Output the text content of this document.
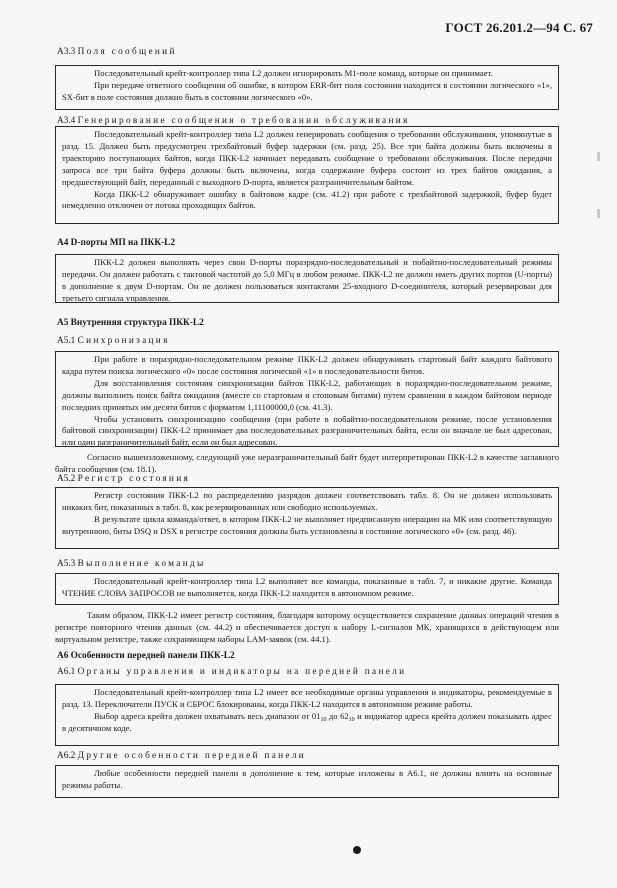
ГОСТ 26.201.2—94 С. 67
А3.3 Поля сообщений

Последовательный крейт-контроллер типа L2 должен игнорировать М1-поле команд, которые он принимает.

При передаче ответного сообщения об ошибке, в котором ERR-бит поля состояния находится в состоянии логического «1», SX-бит в поле состояния должно быть в состоянии логического «0».

А3.4 Генерирование сообщения о требовании обслуживания

Последовательный крейт-контроллер типа L2 должен генерировать сообщения о требовании обслуживания, упомянутые в разд. 15. Должен быть предусмотрен трехбайтовый буфер задержки (см. разд. 25). Все три байта должны быть включены в траекторию поступающих байтов, когда ПКК-L2 начинает передавать сообщение о требовании обслуживания. После передачи запроса все три байта буфера должны быть включены, когда содержание буфера состоит из трех байтов ожидания, а предшествующий байт, переданный с выходного D-порта, является разграничительным байтом.

Когда ПКК-L2 обнаруживает ошибку в байтовом кадре (см. 41.2) при работе с трехбайтовой задержкой, буфер будет немедленно отключен от потока проходящих байтов.

А4 D-порты МП на ПКК-L2

ПКК-L2 должен выполнять через свои D-порты поразрядно-последовательный и побайтно-последовательный режимы передачи. Он должен работать с тактовой частотой до 5,0 МГц в любом режиме. ПКК-L2 не должен иметь других портов (U-порты) в дополнение к двум D-портам. Он не должен пользоваться контактами 25-входного D-соединителя, который резервирован для третьего сигнала управления.

А5 Внутренняя структура ПКК-L2
А5.1 Синхронизация

При работе в поразрядно-последовательном режиме ПКК-L2 должен обнаруживать стартовый байт каждого байтового кадра путем поиска логического «0» после состояния логической «1» в последовательности битов.

Для восстановления состояния синхронизации байтов ПКК-L2, работающих в поразрядно-последовательном режиме, должны выполнить поиск байта ожидания (вместе со стартовым и стоповым битами) путем сравнения в каждом байтовом периоде последних принятых им десяти битов с форматом 1,11100000,0 (см. 41.3).

Чтобы установить синхронизацию сообщения (при работе в побайтно-последовательном режиме, после установления байтовой синхронизации) ПКК-L2 принимает два последовательных разграничительных байта, если он вначале не был адресован, или один разграничительный байт, если он был адресован.

Согласно вышеизложенному, следующий уже неразграничительный байт будет интерпретирован ПКК-L2 в качестве заглавного байта сообщения (см. 18.1).

А5.2 Регистр состояния

Регистр состояния ПКК-L2 по распределению разрядов должен соответствовать табл. 8. Он не должен использовать никаких бит, показанных в табл. 8, как резервированных или свободно используемых.

В результате цикла команда/ответ, в котором ПКК-L2 не выполняет предписанную операцию на МК или соответствующую внутреннюю, биты DSQ и DSX в регистре состояния должны быть установлены в состояние логического «0» (см. разд. 46).

А5.3 Выполнение команды

Последовательный крейт-контроллер типа L2 выполняет все команды, показанные в табл. 7, и никакие другие. Команда ЧТЕНИЕ СЛОВА ЗАПРОСОВ не выполняется, когда ПКК-L2 находится в автономном режиме.

Таким образом, ПКК-L2 имеет регистр состояния, благодаря которому осуществляется сохранение данных операций чтения в регистре повторного чтения данных (см. 44.2) и обеспечивается доступ к набору L-сигналов МК, хранящихся в действующем или виртуальном регистре, также сохраняющем наборы LAM-заявок (см. 44.1).

А6 Особенности передней панели ПКК-L2
А6.1 Органы управления и индикаторы на передней панели

Последовательный крейт-контроллер типа L2 имеет все необходимые органы управления и индикаторы, рекомендуемые в разд. 13. Переключатели ПУСК и СБРОС блокированы, когда ПКК-L2 находится в автономном режиме работы.

Выбор адреса крейта должен охватывать весь диапазон от $01_{10}$ до $62_{10}$ и индикатор адреса крейта должен показывать адрес в десятичном коде.

А6.2 Другие особенности передней панели

Любые особенности передней панели в дополнение к тем, которые изложены в А6.1, не должны влиять на основные режимы работы.
